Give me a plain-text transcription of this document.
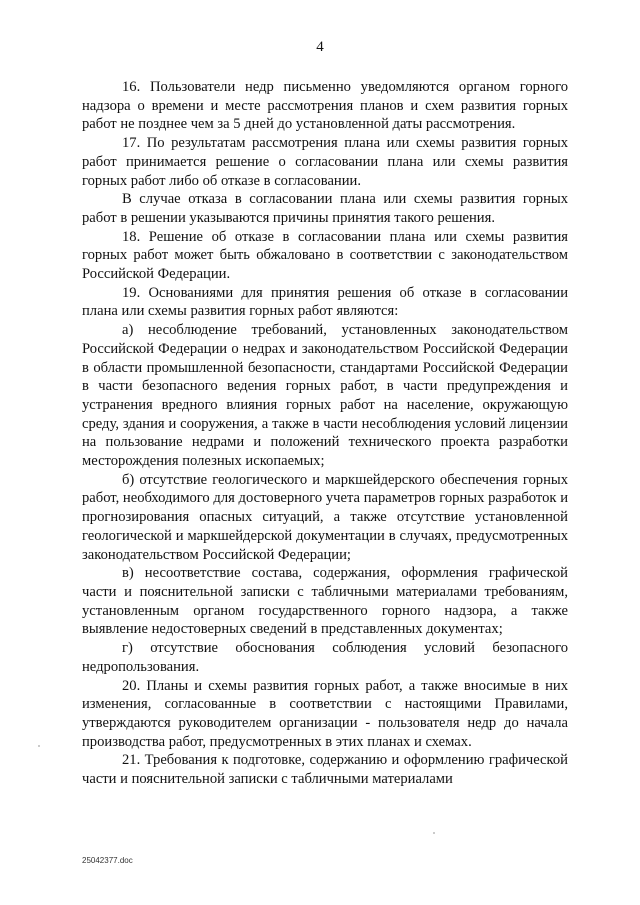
4

16. Пользователи недр письменно уведомляются органом горного надзора о времени и месте рассмотрения планов и схем развития горных работ не позднее чем за 5 дней до установленной даты рассмотрения.

17. По результатам рассмотрения плана или схемы развития горных работ принимается решение о согласовании плана или схемы развития горных работ либо об отказе в согласовании.

В случае отказа в согласовании плана или схемы развития горных работ в решении указываются причины принятия такого решения.

18. Решение об отказе в согласовании плана или схемы развития горных работ может быть обжаловано в соответствии с законодательством Российской Федерации.

19. Основаниями для принятия решения об отказе в согласовании плана или схемы развития горных работ являются:

а) несоблюдение требований, установленных законодательством Российской Федерации о недрах и законодательством Российской Федерации в области промышленной безопасности, стандартами Российской Федерации в части безопасного ведения горных работ, в части предупреждения и устранения вредного влияния горных работ на население, окружающую среду, здания и сооружения, а также в части несоблюдения условий лицензии на пользование недрами и положений технического проекта разработки месторождения полезных ископаемых;

б) отсутствие геологического и маркшейдерского обеспечения горных работ, необходимого для достоверного учета параметров горных разработок и прогнозирования опасных ситуаций, а также отсутствие установленной геологической и маркшейдерской документации в случаях, предусмотренных законодательством Российской Федерации;

в) несоответствие состава, содержания, оформления графической части и пояснительной записки с табличными материалами требованиям, установленным органом государственного горного надзора, а также выявление недостоверных сведений в представленных документах;

г) отсутствие обоснования соблюдения условий безопасного недропользования.

20. Планы и схемы развития горных работ, а также вносимые в них изменения, согласованные в соответствии с настоящими Правилами, утверждаются руководителем организации - пользователя недр до начала производства работ, предусмотренных в этих планах и схемах.

21. Требования к подготовке, содержанию и оформлению графической части и пояснительной записки с табличными материалами

25042377.doc
